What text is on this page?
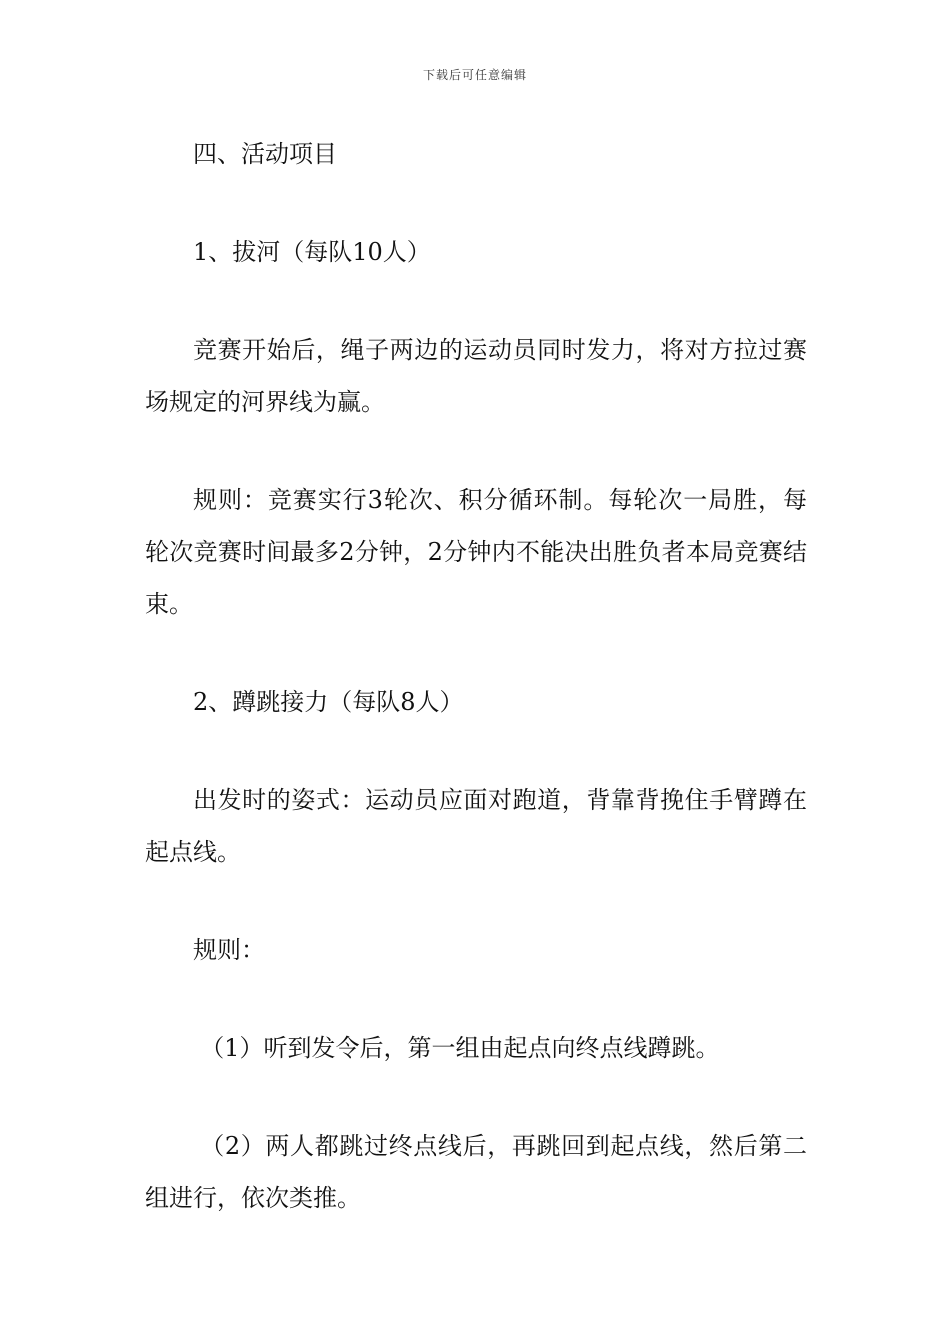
下载后可任意编辑

四、活动项目

1、拔河（每队10人）

竞赛开始后，绳子两边的运动员同时发力，将对方拉过赛场规定的河界线为赢。

规则：竞赛实行3轮次、积分循环制。每轮次一局胜，每轮次竞赛时间最多2分钟，2分钟内不能决出胜负者本局竞赛结束。

2、蹲跳接力（每队8人）

出发时的姿式：运动员应面对跑道，背靠背挽住手臂蹲在起点线。

规则：

（1）听到发令后，第一组由起点向终点线蹲跳。

（2）两人都跳过终点线后，再跳回到起点线，然后第二组进行，依次类推。
